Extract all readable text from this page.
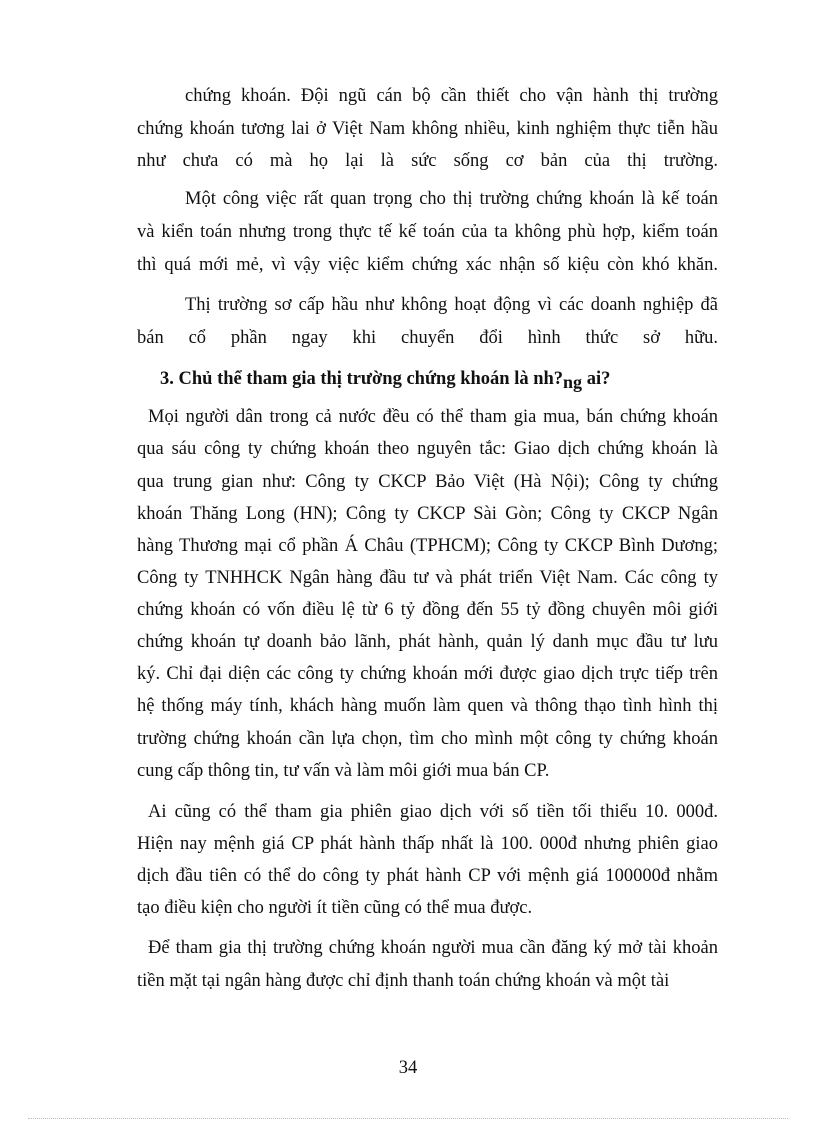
chứng khoán. Đội ngũ cán bộ cần thiết cho vận hành thị trường
chứng khoán tương lai ở Việt Nam không nhiều, kinh nghiệm thực tiễn hầu
như chưa có mà họ lại là sức sống cơ bản của thị trường.
Một công việc rất quan trọng cho thị trường chứng khoán là kế toán
và kiển toán nhưng trong thực tế kế toán của ta không phù hợp, kiểm toán
thì quá mới mẻ, vì vậy việc kiểm chứng xác nhận số kiệu còn khó khăn.
Thị trường sơ cấp hầu như không hoạt động vì các doanh nghiệp đã
bán cổ phần ngay khi chuyển đổi hình thức sở hữu.
3. Chủ thể tham gia thị trường chứng khoán là nh?ng ai?
Mọi người dân trong cả nước đều có thể tham gia mua, bán chứng khoán
qua sáu công ty chứng khoán theo nguyên tắc: Giao dịch chứng khoán là
qua trung gian như: Công ty CKCP Bảo Việt (Hà Nội); Công ty chứng
khoán Thăng Long (HN); Công ty CKCP Sài Gòn; Công ty CKCP Ngân
hàng Thương mại cổ phần Á Châu (TPHCM); Công ty CKCP Bình Dương;
Công ty TNHHCK Ngân hàng đầu tư và phát triển Việt Nam. Các công ty
chứng khoán có vốn điều lệ từ 6 tỷ đồng đến 55 tỷ đồng chuyên môi giới
chứng khoán tự doanh bảo lãnh, phát hành, quản lý danh mục đầu tư lưu
ký. Chỉ đại diện các công ty chứng khoán mới được giao dịch trực tiếp trên
hệ thống máy tính, khách hàng muốn làm quen và thông thạo tình hình thị
trường chứng khoán cần lựa chọn, tìm cho mình một công ty chứng khoán
cung cấp thông tin, tư vấn và làm môi giới mua bán CP.
Ai cũng có thể tham gia phiên giao dịch với số tiền tối thiểu 10. 000đ.
Hiện nay mệnh giá CP phát hành thấp nhất là 100. 000đ nhưng phiên giao
dịch đầu tiên có thể do công ty phát hành CP với mệnh giá 100000đ nhằm
tạo điều kiện cho người ít tiền cũng có thể mua được.
Để tham gia thị trường chứng khoán người mua cần đăng ký mở tài khoản
tiền mặt tại ngân hàng được chỉ định thanh toán chứng khoán và một tài
34
